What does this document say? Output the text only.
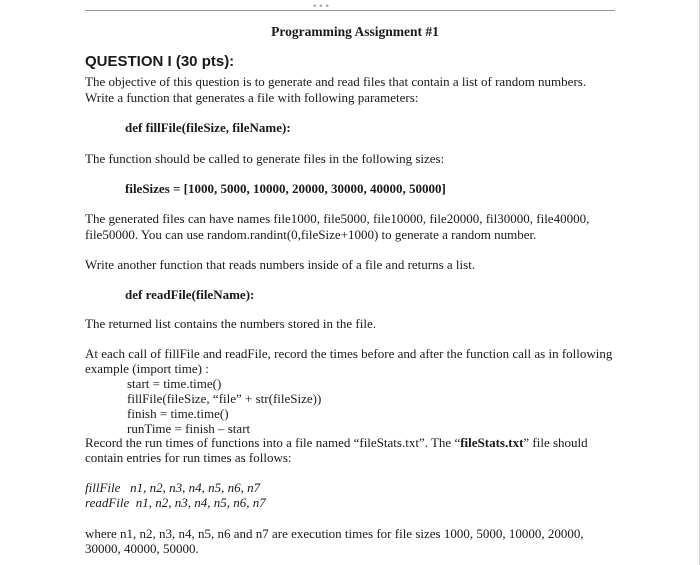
•••
Programming Assignment #1
QUESTION I (30 pts):
The objective of this question is to generate and read files that contain a list of random numbers.
Write a function that generates a file with following parameters:
def fillFile(fileSize, fileName):
The function should be called to generate files in the following sizes:
fileSizes = [1000, 5000, 10000, 20000, 30000, 40000, 50000]
The generated files can have names file1000, file5000, file10000, file20000, fil30000, file40000,
file50000. You can use random.randint(0,fileSize+1000) to generate a random number.
Write another function that reads numbers inside of a file and returns a list.
def readFile(fileName):
The returned list contains the numbers stored in the file.
At each call of fillFile and readFile, record the times before and after the function call as in following
example (import time) :
start = time.time()
fillFile(fileSize, “file” + str(fileSize))
finish = time.time()
runTime = finish – start
Record the run times of functions into a file named “fileStats.txt”. The “fileStats.txt” file should
contain entries for run times as follows:
fillFile   n1, n2, n3, n4, n5, n6, n7
readFile  n1, n2, n3, n4, n5, n6, n7
where n1, n2, n3, n4, n5, n6 and n7 are execution times for file sizes 1000, 5000, 10000, 20000,
30000, 40000, 50000.
